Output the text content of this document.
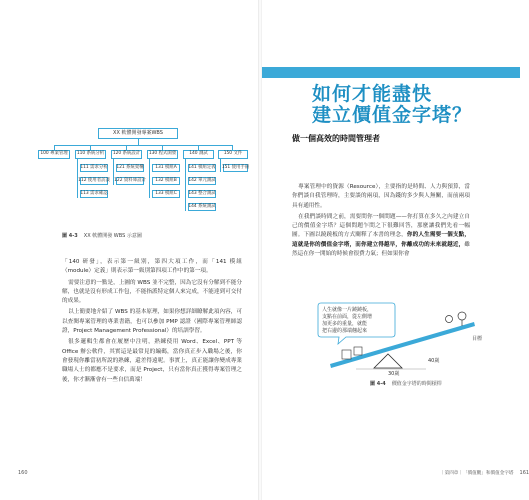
XX 軟體開發專案WBS
100 專案管理	110 系統分析	120 系統設計	130 程式開發	140 測試	150 文件
111 需求分析
112 使用者訪談
113 需求確認
121 系統架構
122 資料庫設計
131 模組A
132 模組B
133 模組C
141 模組定義
142 單元測試
143 整合測試
144 系統測試
151 使用手冊
圖 4-3 XX 軟體開發 WBS 示意圖

「140 研發」，表示第一級別，第四大項工作，而「141 模組（module）定義」則表示第一級別第四項工作中的第一項。

需要注意的一點是，上圖的 WBS 並不完整，因為它沒有分解到不能分解，也就是沒有形成工作包，不能指派特定個人來完成，不能達到可交付的成果。

以上簡要地介紹了 WBS 的基本原理，如果你想詳細瞭解此項內容，可以查閱專案管理的專業書籍，也可以參加 PMP 認證（國際專案管理師認證，Project Management Professional）的培訓學習。

很多邏輯生都會在履歷中注明，熟練使用 Word、Excel、PPT 等 Office 辦公軟件，其實這是最常見的編碼，當你真正步入職場之後，你會發現你離當初所說的熟練，還差得遠呢。事實上，真正能讓你變成專業職場人士的都應不是要求，而是 Project，只有當你真正獲得專案管理之後，你才漸漸會有一些自信萬端！

160
如何才能盡快
建立價值金字塔？
做一個高效的時間管理者

專案管理中的資源（Resource），主要指的是時間、人力與預算，當你們談自我管理時，主要談的兩項，因為錢的多少與人無關，而前兩項具有通用性。

在我們談時間之前，需要問你一個問題——你打算在多久之內建立自己的價值金字塔？這個問題乍問之下很難回答，那麼讓我們先看一幅圖。下圖以蹺蹺板的方式闡釋了本書的理念，你的人生需要一個支點，這就是你的價值金字塔，而你建立得越早，你離成功的未來就越近，雖然這在你一開始的時候會很費力氣；但如果你會

人生就像一片蹺蹺板，
支點在前面，從左側增
加更多的重量，就能
把右邊的那端翹起來
30歲
40歲
目標
圖 4-4 價值金字塔的時間槓桿
｜第四章｜「價值觀」和價值金字塔 161
